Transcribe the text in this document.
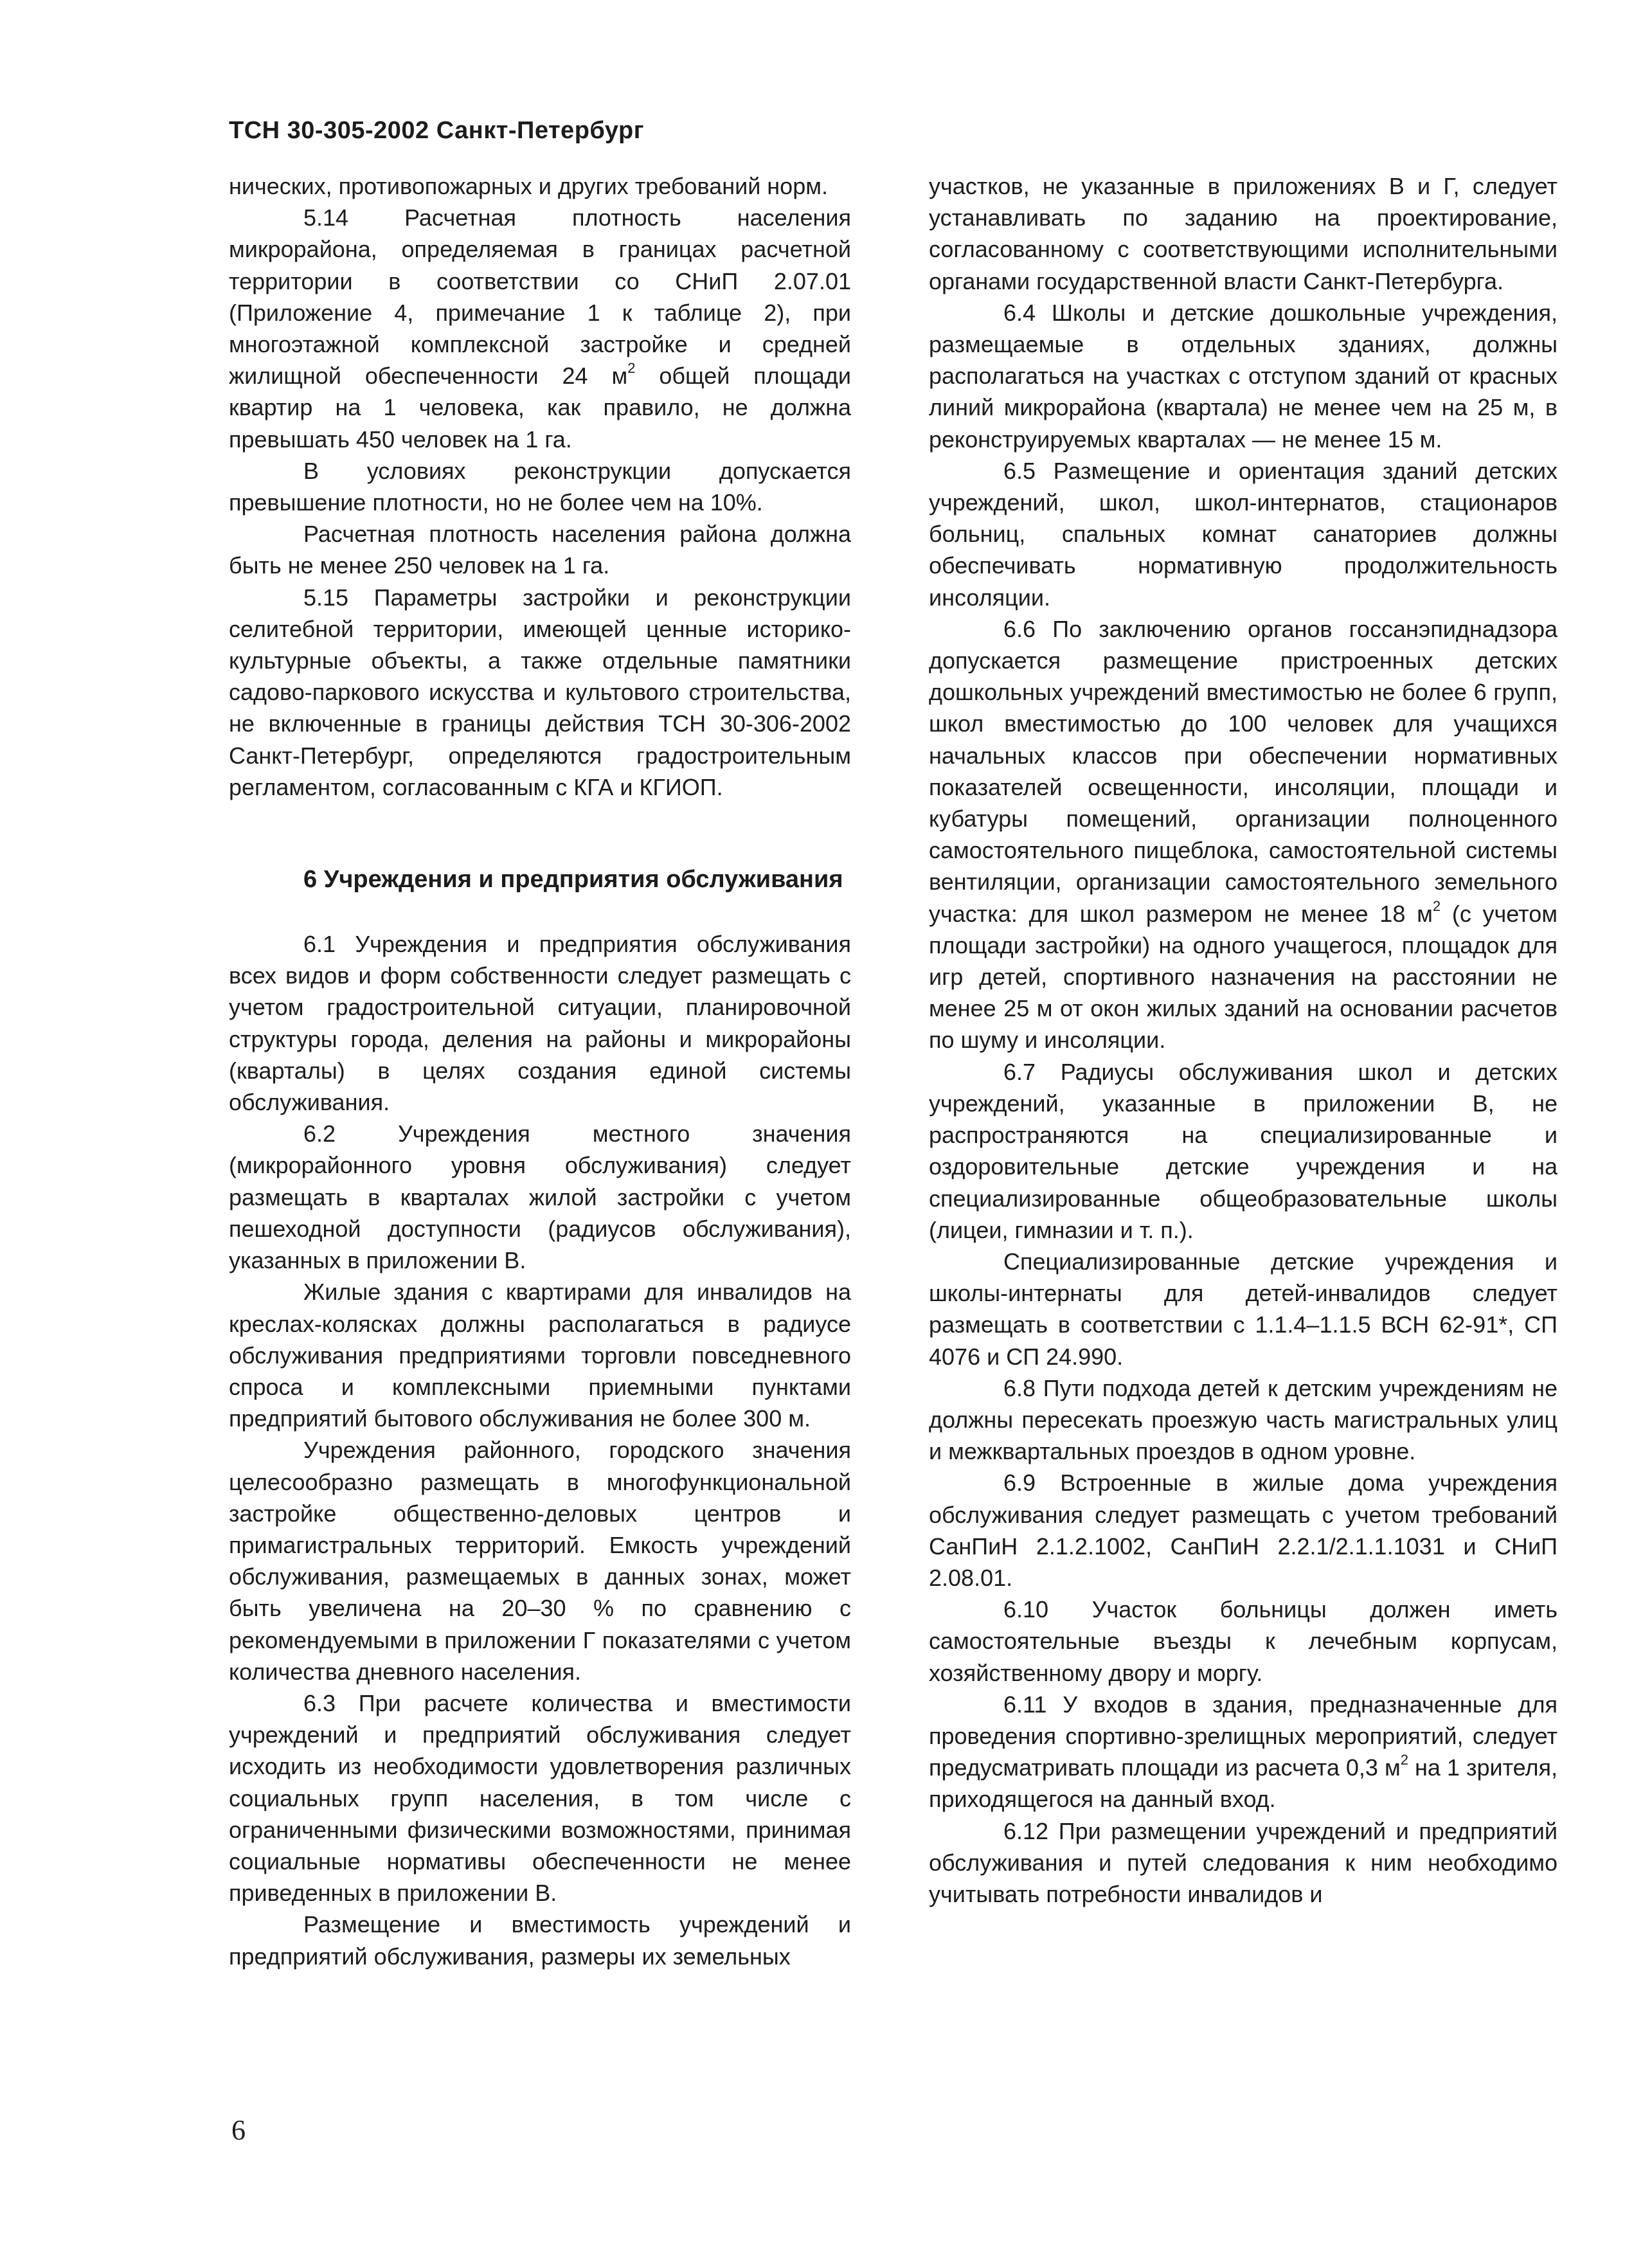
ТСН 30-305-2002 Санкт-Петербург

нических, противопожарных и других требований норм.

5.14 Расчетная плотность населения микрорайона, определяемая в границах расчетной территории в соответствии со СНиП 2.07.01 (Приложение 4, примечание 1 к таблице 2), при многоэтажной комплексной застройке и средней жилищной обеспеченности 24 $м^2$ общей площади квартир на 1 человека, как правило, не должна превышать 450 человек на 1 га.

В условиях реконструкции допускается превышение плотности, но не более чем на 10%.

Расчетная плотность населения района должна быть не менее 250 человек на 1 га.

5.15 Параметры застройки и реконструкции селитебной территории, имеющей ценные историко-культурные объекты, а также отдельные памятники садово-паркового искусства и культового строительства, не включенные в границы действия ТСН 30-306-2002 Санкт-Петербург, определяются градостроительным регламентом, согласованным с КГА и КГИОП.

6 Учреждения и предприятия обслуживания

6.1 Учреждения и предприятия обслуживания всех видов и форм собственности следует размещать с учетом градостроительной ситуации, планировочной структуры города, деления на районы и микрорайоны (кварталы) в целях создания единой системы обслуживания.

6.2 Учреждения местного значения (микрорайонного уровня обслуживания) следует размещать в кварталах жилой застройки с учетом пешеходной доступности (радиусов обслуживания), указанных в приложении В.

Жилые здания с квартирами для инвалидов на креслах-колясках должны располагаться в радиусе обслуживания предприятиями торговли повседневного спроса и комплексными приемными пунктами предприятий бытового обслуживания не более 300 м.

Учреждения районного, городского значения целесообразно размещать в многофункциональной застройке общественно-деловых центров и примагистральных территорий. Емкость учреждений обслуживания, размещаемых в данных зонах, может быть увеличена на 20–30 % по сравнению с рекомендуемыми в приложении Г показателями с учетом количества дневного населения.

6.3 При расчете количества и вместимости учреждений и предприятий обслуживания следует исходить из необходимости удовлетворения различных социальных групп населения, в том числе с ограниченными физическими возможностями, принимая социальные нормативы обеспеченности не менее приведенных в приложении В.

Размещение и вместимость учреждений и предприятий обслуживания, размеры их земельных

участков, не указанные в приложениях В и Г, следует устанавливать по заданию на проектирование, согласованному с соответствующими исполнительными органами государственной власти Санкт-Петербурга.

6.4 Школы и детские дошкольные учреждения, размещаемые в отдельных зданиях, должны располагаться на участках с отступом зданий от красных линий микрорайона (квартала) не менее чем на 25 м, в реконструируемых кварталах — не менее 15 м.

6.5 Размещение и ориентация зданий детских учреждений, школ, школ-интернатов, стационаров больниц, спальных комнат санаториев должны обеспечивать нормативную продолжительность инсоляции.

6.6 По заключению органов госсанэпиднадзора допускается размещение пристроенных детских дошкольных учреждений вместимостью не более 6 групп, школ вместимостью до 100 человек для учащихся начальных классов при обеспечении нормативных показателей освещенности, инсоляции, площади и кубатуры помещений, организации полноценного самостоятельного пищеблока, самостоятельной системы вентиляции, организации самостоятельного земельного участка: для школ размером не менее 18 $м^2$ (с учетом площади застройки) на одного учащегося, площадок для игр детей, спортивного назначения на расстоянии не менее 25 м от окон жилых зданий на основании расчетов по шуму и инсоляции.

6.7 Радиусы обслуживания школ и детских учреждений, указанные в приложении В, не распространяются на специализированные и оздоровительные детские учреждения и на специализированные общеобразовательные школы (лицеи, гимназии и т. п.).

Специализированные детские учреждения и школы-интернаты для детей-инвалидов следует размещать в соответствии с 1.1.4–1.1.5 ВСН 62-91*, СП 4076 и СП 24.990.

6.8 Пути подхода детей к детским учреждениям не должны пересекать проезжую часть магистральных улиц и межквартальных проездов в одном уровне.

6.9 Встроенные в жилые дома учреждения обслуживания следует размещать с учетом требований СанПиН 2.1.2.1002, СанПиН 2.2.1/2.1.1.1031 и СНиП 2.08.01.

6.10 Участок больницы должен иметь самостоятельные въезды к лечебным корпусам, хозяйственному двору и моргу.

6.11 У входов в здания, предназначенные для проведения спортивно-зрелищных мероприятий, следует предусматривать площади из расчета 0,3 $м^2$ на 1 зрителя, приходящегося на данный вход.

6.12 При размещении учреждений и предприятий обслуживания и путей следования к ним необходимо учитывать потребности инвалидов и

6
